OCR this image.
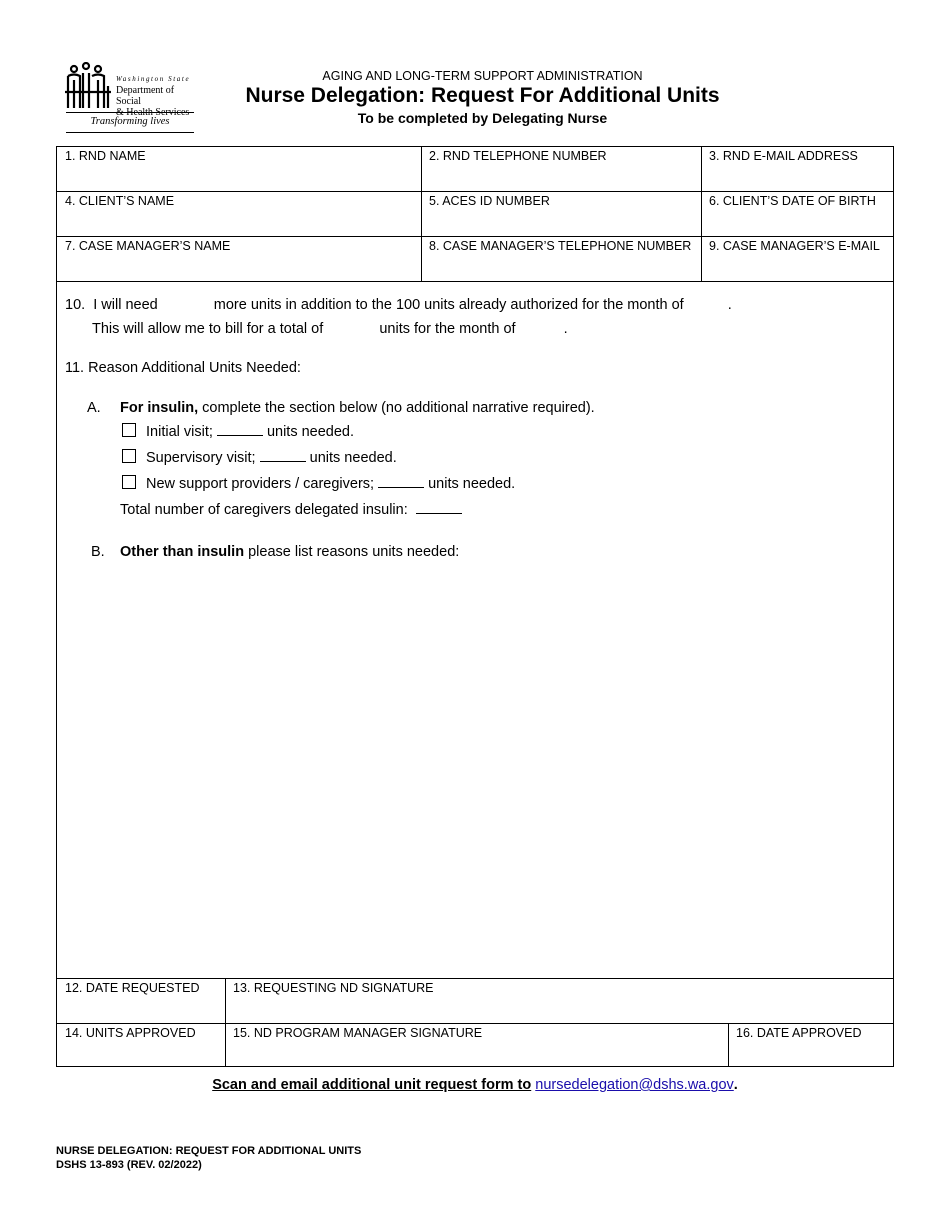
Washington State
Department of Social
Transforming lives
AGING AND LONG-TERM SUPPORT ADMINISTRATION
Nurse Delegation: Request For Additional Units
To be completed by Delegating Nurse
1. RND NAME	2. RND TELEPHONE NUMBER	3. RND E-MAIL ADDRESS
4. CLIENT’S NAME	5. ACES ID NUMBER	6. CLIENT’S DATE OF BIRTH
7. CASE MANAGER’S NAME	8. CASE MANAGER’S TELEPHONE NUMBER 9. CASE MANAGER’S E-MAIL
10. I will need	more units in addition to the 100 units already authorized for the month of	.
This will allow me to bill for a total of	units for the month of	.
11. Reason Additional Units Needed:
A. For insulin, complete the section below (no additional narrative required).
Initial visit;	units needed.
Supervisory visit;	units needed.
New support providers / caregivers;	units needed.
Total number of caregivers delegated insulin:
B. Other than insulin please list reasons units needed:
12. DATE REQUESTED	13. REQUESTING ND SIGNATURE
14. UNITS APPROVED	15. ND PROGRAM MANAGER SIGNATURE	16. DATE APPROVED
Scan and email additional unit request form to nursedelegation@dshs.wa.gov.
NURSE DELEGATION: REQUEST FOR ADDITIONAL UNITS
DSHS 13-893 (REV. 02/2022)
